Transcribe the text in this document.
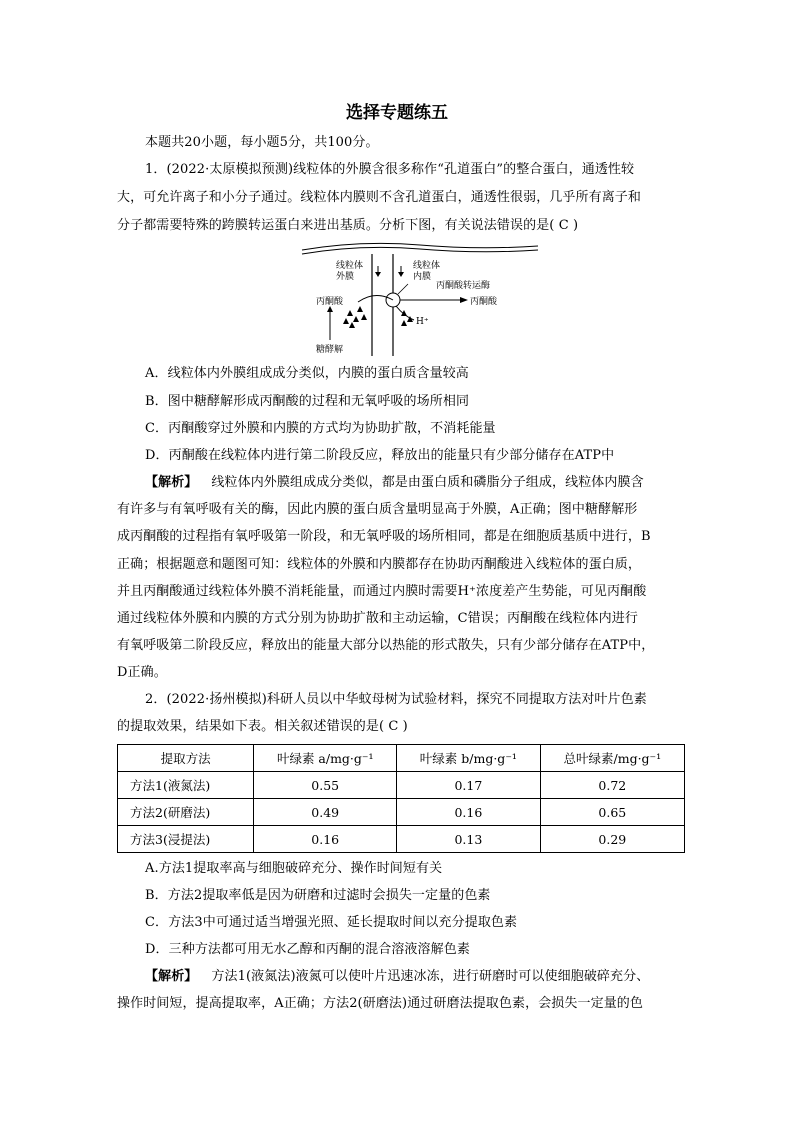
选择专题练五
本题共20小题，每小题5分，共100分。
1．(2022·太原模拟预测)线粒体的外膜含很多称作“孔道蛋白”的整合蛋白，通透性较
大，可允许离子和小分子通过。线粒体内膜则不含孔道蛋白，通透性很弱，几乎所有离子和
分子都需要特殊的跨膜转运蛋白来进出基质。分析下图，有关说法错误的是( C )
线粒体
外膜
线粒体
内膜
丙酮酸转运酶
丙酮酸
丙酮酸
糖酵解
H⁺
A．线粒体内外膜组成成分类似，内膜的蛋白质含量较高
B．图中糖酵解形成丙酮酸的过程和无氧呼吸的场所相同
C．丙酮酸穿过外膜和内膜的方式均为协助扩散，不消耗能量
D．丙酮酸在线粒体内进行第二阶段反应，释放出的能量只有少部分储存在ATP中
【解析】 线粒体内外膜组成成分类似，都是由蛋白质和磷脂分子组成，线粒体内膜含
有许多与有氧呼吸有关的酶，因此内膜的蛋白质含量明显高于外膜，A正确；图中糖酵解形
成丙酮酸的过程指有氧呼吸第一阶段，和无氧呼吸的场所相同，都是在细胞质基质中进行，B
正确；根据题意和题图可知：线粒体的外膜和内膜都存在协助丙酮酸进入线粒体的蛋白质，
并且丙酮酸通过线粒体外膜不消耗能量，而通过内膜时需要H⁺浓度差产生势能，可见丙酮酸
通过线粒体外膜和内膜的方式分别为协助扩散和主动运输，C错误；丙酮酸在线粒体内进行
有氧呼吸第二阶段反应，释放出的能量大部分以热能的形式散失，只有少部分储存在ATP中，
D正确。
2．(2022·扬州模拟)科研人员以中华蚊母树为试验材料，探究不同提取方法对叶片色素
的提取效果，结果如下表。相关叙述错误的是( C )
提取方法	叶绿素 a/mg·g⁻¹	叶绿素 b/mg·g⁻¹	总叶绿素/mg·g⁻¹
方法1(液氮法)	0.55	0.17	0.72
方法2(研磨法)	0.49	0.16	0.65
方法3(浸提法)	0.16	0.13	0.29
A.方法1提取率高与细胞破碎充分、操作时间短有关
B．方法2提取率低是因为研磨和过滤时会损失一定量的色素
C．方法3中可通过适当增强光照、延长提取时间以充分提取色素
D．三种方法都可用无水乙醇和丙酮的混合溶液溶解色素
【解析】 方法1(液氮法)液氮可以使叶片迅速冰冻，进行研磨时可以使细胞破碎充分、
操作时间短，提高提取率，A正确；方法2(研磨法)通过研磨法提取色素，会损失一定量的色
